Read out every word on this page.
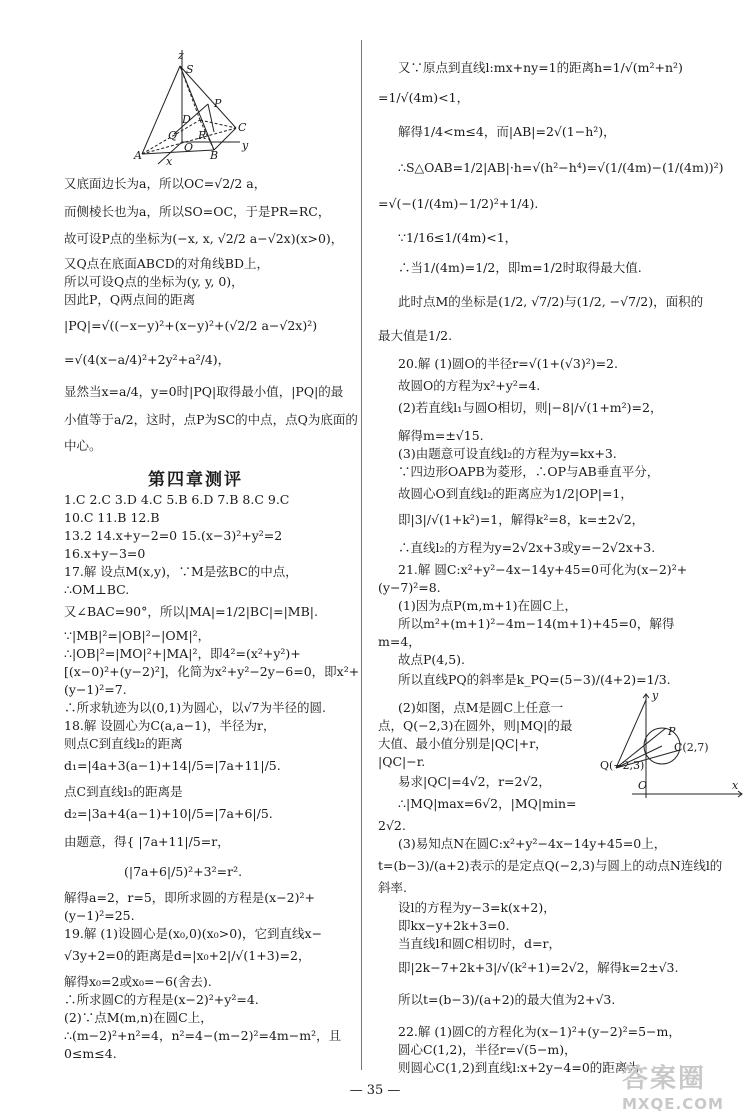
z
S
P
D
Q
C
A
O
R
B
y
x
又底面边长为a，所以OC=√2/2 a，
而侧棱长也为a，所以SO=OC，于是PR=RC，
故可设P点的坐标为(−x, x, √2/2 a−√2x)(x>0)，
又Q点在底面ABCD的对角线BD上，
所以可设Q点的坐标为(y, y, 0)，
因此P，Q两点间的距离
|PQ|=√((−x−y)²+(x−y)²+(√2/2 a−√2x)²)
=√(4(x−a/4)²+2y²+a²/4)，
显然当x=a/4，y=0时|PQ|取得最小值，|PQ|的最
小值等于a/2，这时，点P为SC的中点，点Q为底面的
中心。
第四章测评
1.C 2.C 3.D 4.C 5.B 6.D 7.B 8.C 9.C
10.C 11.B 12.B
13.2 14.x+y−2=0 15.(x−3)²+y²=2
16.x+y−3=0
17.解 设点M(x,y)，∵M是弦BC的中点，
∴OM⊥BC.
又∠BAC=90°，所以|MA|=1/2|BC|=|MB|.
∵|MB|²=|OB|²−|OM|²，
∴|OB|²=|MO|²+|MA|²，即4²=(x²+y²)+
[(x−0)²+(y−2)²]，化简为x²+y²−2y−6=0，即x²+
(y−1)²=7.
∴所求轨迹为以(0,1)为圆心，以√7为半径的圆.
18.解 设圆心为C(a,a−1)，半径为r，
则点C到直线l₂的距离
d₁=|4a+3(a−1)+14|/5=|7a+11|/5.
点C到直线l₃的距离是
d₂=|3a+4(a−1)+10|/5=|7a+6|/5.
由题意，得{ |7a+11|/5=r，
(|7a+6|/5)²+3²=r².
解得a=2，r=5，即所求圆的方程是(x−2)²+
(y−1)²=25.
19.解 (1)设圆心是(x₀,0)(x₀>0)，它到直线x−
√3y+2=0的距离是d=|x₀+2|/√(1+3)=2，
解得x₀=2或x₀=−6(舍去).
∴所求圆C的方程是(x−2)²+y²=4.
(2)∵点M(m,n)在圆C上，
∴(m−2)²+n²=4，n²=4−(m−2)²=4m−m²，且
0≤m≤4.
又∵原点到直线l:mx+ny=1的距离h=1/√(m²+n²)
=1/√(4m)<1，
解得1/4<m≤4，而|AB|=2√(1−h²)，
∴S△OAB=1/2|AB|·h=√(h²−h⁴)=√(1/(4m)−(1/(4m))²)
=√(−(1/(4m)−1/2)²+1/4).
∵1/16≤1/(4m)<1，
∴当1/(4m)=1/2，即m=1/2时取得最大值.
此时点M的坐标是(1/2, √7/2)与(1/2, −√7/2)，面积的
最大值是1/2.
20.解 (1)圆O的半径r=√(1+(√3)²)=2.
故圆O的方程为x²+y²=4.
(2)若直线l₁与圆O相切，则|−8|/√(1+m²)=2，
解得m=±√15.
(3)由题意可设直线l₂的方程为y=kx+3.
∵四边形OAPB为菱形，∴OP与AB垂直平分，
故圆心O到直线l₂的距离应为1/2|OP|=1，
即|3|/√(1+k²)=1，解得k²=8，k=±2√2，
∴直线l₂的方程为y=2√2x+3或y=−2√2x+3.
21.解 圆C:x²+y²−4x−14y+45=0可化为(x−2)²+
(y−7)²=8.
(1)因为点P(m,m+1)在圆C上，
所以m²+(m+1)²−4m−14(m+1)+45=0，解得
m=4，
故点P(4,5).
所以直线PQ的斜率是k_PQ=(5−3)/(4+2)=1/3.
(2)如图，点M是圆C上任意一
点，Q(−2,3)在圆外，则|MQ|的最
大值、最小值分别是|QC|+r，
|QC|−r.
易求|QC|=4√2，r=2√2，
∴|MQ|max=6√2，|MQ|min=
2√2.
(3)易知点N在圆C:x²+y²−4x−14y+45=0上，
t=(b−3)/(a+2)表示的是定点Q(−2,3)与圆上的动点N连线l的
斜率.
设l的方程为y−3=k(x+2)，
即kx−y+2k+3=0.
当直线l和圆C相切时，d=r，
即|2k−7+2k+3|/√(k²+1)=2√2，解得k=2±√3.
所以t=(b−3)/(a+2)的最大值为2+√3.
22.解 (1)圆C的方程化为(x−1)²+(y−2)²=5−m，
圆心C(1,2)，半径r=√(5−m)，
则圆心C(1,2)到直线l:x+2y−4=0的距离为
y
P
C(2,7)
Q(−2,3)
O	x
— 35 —	答案圈
MXQE.COM
